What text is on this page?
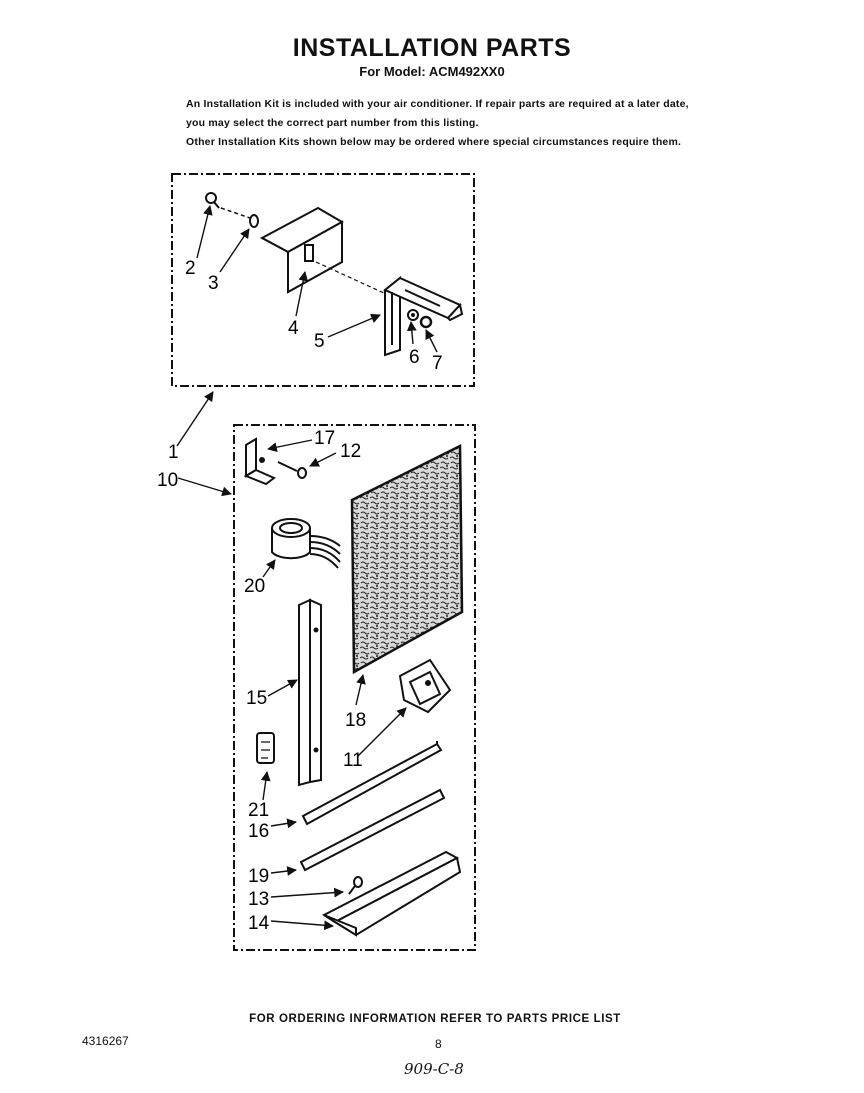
INSTALLATION PARTS
For Model: ACM492XX0
An Installation Kit is included with your air conditioner. If repair parts are required at a later date, you may select the correct part number from this listing.
Other Installation Kits shown below may be ordered where special circumstances require them.
2
3
4
5
6 7
1
10
17
12
20
15
18
11
21
16
19
13
14
FOR ORDERING INFORMATION REFER TO PARTS PRICE LIST
4316267	8
909-C-8
